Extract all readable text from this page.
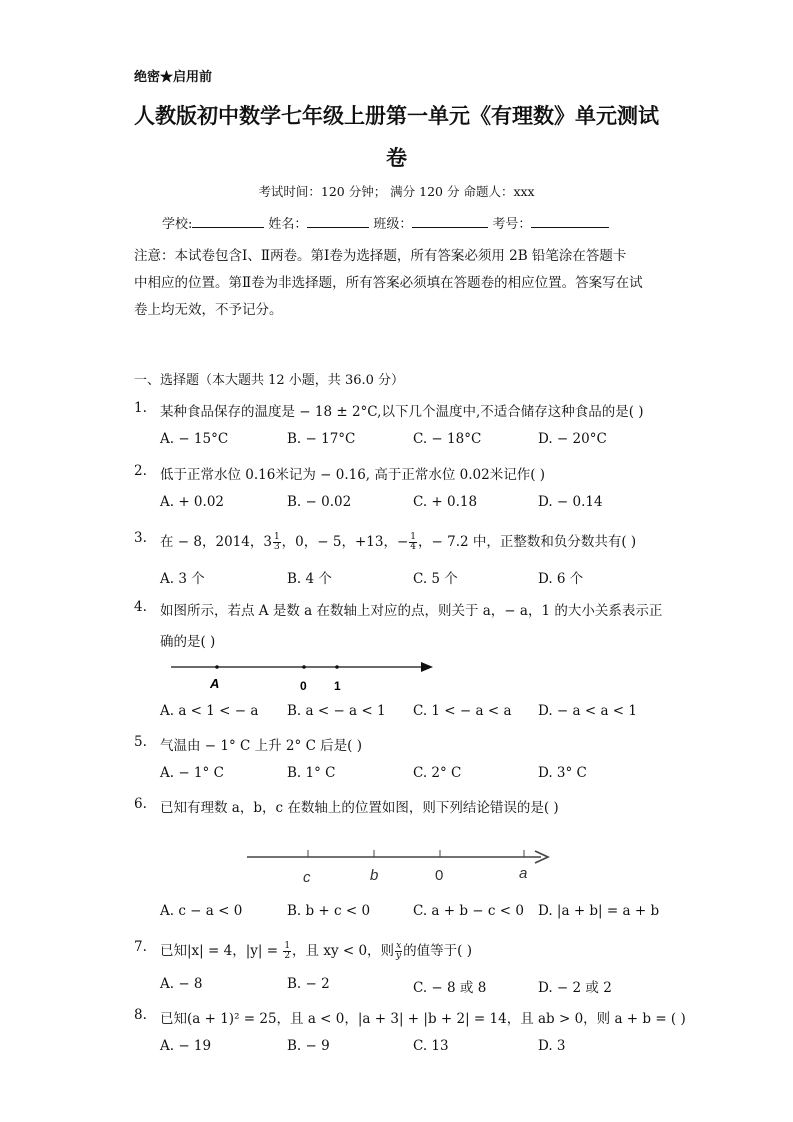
绝密★启用前
人教版初中数学七年级上册第一单元《有理数》单元测试
卷
考试时间：120 分钟； 满分 120 分 命题人：xxx
学校:	姓名：	班级：	考号：
注意：本试卷包含Ⅰ、Ⅱ两卷。第Ⅰ卷为选择题，所有答案必须用 2B 铅笔涂在答题卡
中相应的位置。第Ⅱ卷为非选择题，所有答案必须填在答题卷的相应位置。答案写在试
卷上均无效，不予记分。
一、选择题（本大题共 12 小题，共 36.0 分）
1. 某种食品保存的温度是 − 18 ± 2°C,以下几个温度中,不适合储存这种食品的是( )
A. − 15°C	B. − 17°C	C. − 18°C	D. − 20°C
2. 低于正常水位 0.16米记为 − 0.16, 高于正常水位 0.02米记作( )
A. + 0.02	B. − 0.02	C. + 0.18	D. − 0.14
3. 在 − 8，2014，$3 \frac{1}{3}$ ，0，− 5，+13，− $\frac{1}{4}$ ，− 7.2 中，正整数和负分数共有( )
A. 3 个	B. 4 个	C. 5 个	D. 6 个
4. 如图所示，若点 A 是数 a 在数轴上对应的点，则关于 a，− a，1 的大小关系表示正
确的是( )
A	0 1
A. a < 1 < − a B. a < − a < 1 C. 1 < − a < a D. − a < a < 1
5. 气温由 − 1° C 上升 2° C 后是( )
A. − 1° C	B. 1° C	C. 2° C	D. 3° C
6. 已知有理数 a，b，c 在数轴上的位置如图，则下列结论错误的是( )
c	b	0	a
A. c − a < 0	B. b + c < 0	C. a + b − c < 0 D. |a + b| = a + b
7. 已知|x| = 4，$|y| = \frac{1}{2}$ ，且 xy < 0，则 $\frac{x}{y}$ 的值等于( )
A. − 8	B. − 2	C. − 8 或 8	D. − 2 或 2
8. 已知(a + 1)² = 25，且 a < 0，|a + 3| + |b + 2| = 14，且 ab > 0，则 a + b = ( )
A. − 19	B. − 9	C. 13	D. 3
